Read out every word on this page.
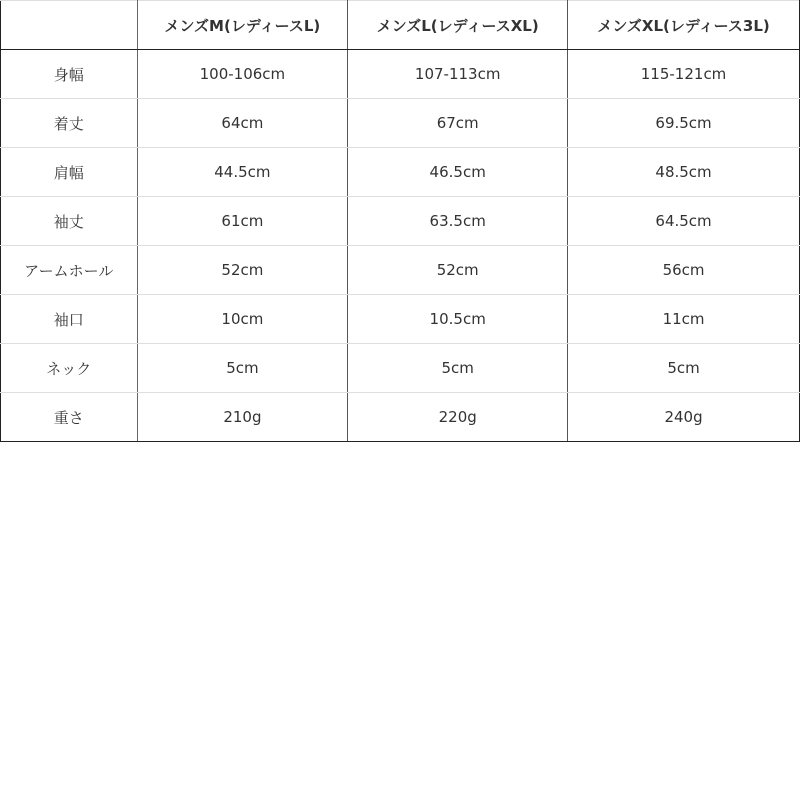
	メンズM(レディースL)	メンズL(レディースXL)	メンズXL(レディース3L)
身幅	100-106cm	107-113cm	115-121cm
着丈	64cm	67cm	69.5cm
肩幅	44.5cm	46.5cm	48.5cm
袖丈	61cm	63.5cm	64.5cm
アームホール	52cm	52cm	56cm
袖口	10cm	10.5cm	11cm
ネック	5cm	5cm	5cm
重さ	210g	220g	240g
